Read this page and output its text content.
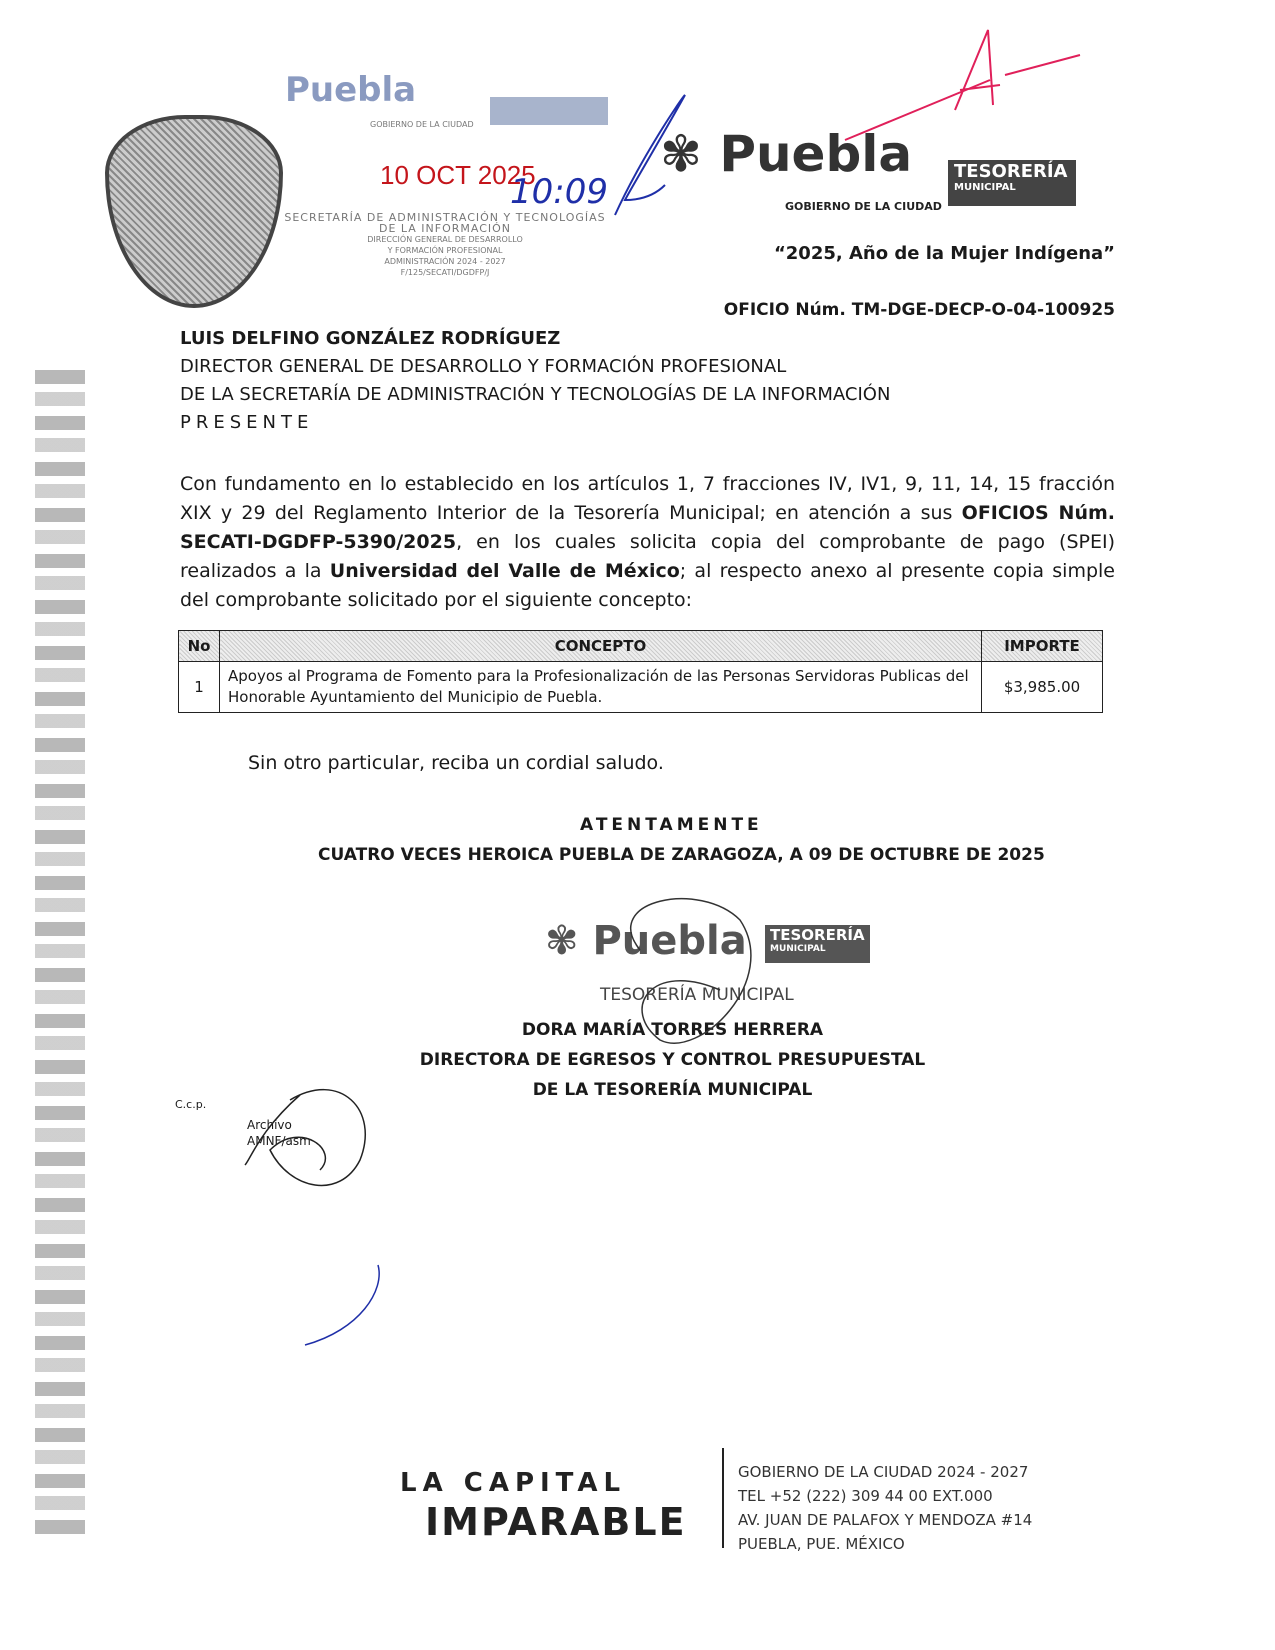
Puebla
GOBIERNO DE LA CIUDAD
10 OCT 2025
10:09
SECRETARÍA DE ADMINISTRACIÓN Y TECNOLOGÍAS
DE LA INFORMACIÓN
DIRECCIÓN GENERAL DE DESARROLLO
Y FORMACIÓN PROFESIONAL
ADMINISTRACIÓN 2024 - 2027
F/125/SECATI/DGDFP/J
✾ Puebla
GOBIERNO DE LA CIUDAD
TESORERÍA
MUNICIPAL
“2025, Año de la Mujer Indígena”
OFICIO Núm. TM-DGE-DECP-O-04-100925
LUIS DELFINO GONZÁLEZ RODRÍGUEZ
DIRECTOR GENERAL DE DESARROLLO Y FORMACIÓN PROFESIONAL
DE LA SECRETARÍA DE ADMINISTRACIÓN Y TECNOLOGÍAS DE LA INFORMACIÓN
PRESENTE
Con fundamento en lo establecido en los artículos 1, 7 fracciones IV, IV1, 9, 11, 14, 15 fracción XIX y 29 del Reglamento Interior de la Tesorería Municipal; en atención a sus OFICIOS Núm. SECATI-DGDFP-5390/2025, en los cuales solicita copia del comprobante de pago (SPEI) realizados a la Universidad del Valle de México; al respecto anexo al presente copia simple del comprobante solicitado por el siguiente concepto:
No	CONCEPTO	IMPORTE
1	Apoyos al Programa de Fomento para la Profesionalización de las Personas Servidoras Publicas del Honorable Ayuntamiento del Municipio de Puebla.	$3,985.00
Sin otro particular, reciba un cordial saludo.
ATENTAMENTE
CUATRO VECES HEROICA PUEBLA DE ZARAGOZA, A 09 DE OCTUBRE DE 2025
✾ Puebla TESORERÍA
MUNICIPAL
TESORERÍA MUNICIPAL
DORA MARÍA TORRES HERRERA
DIRECTORA DE EGRESOS Y CONTROL PRESUPUESTAL
DE LA TESORERÍA MUNICIPAL
C.c.p.
Archivo
AMNF/asm
LA CAPITAL
IMPARABLE
GOBIERNO DE LA CIUDAD 2024 - 2027
TEL +52 (222) 309 44 00 EXT.000
AV. JUAN DE PALAFOX Y MENDOZA #14
PUEBLA, PUE. MÉXICO
